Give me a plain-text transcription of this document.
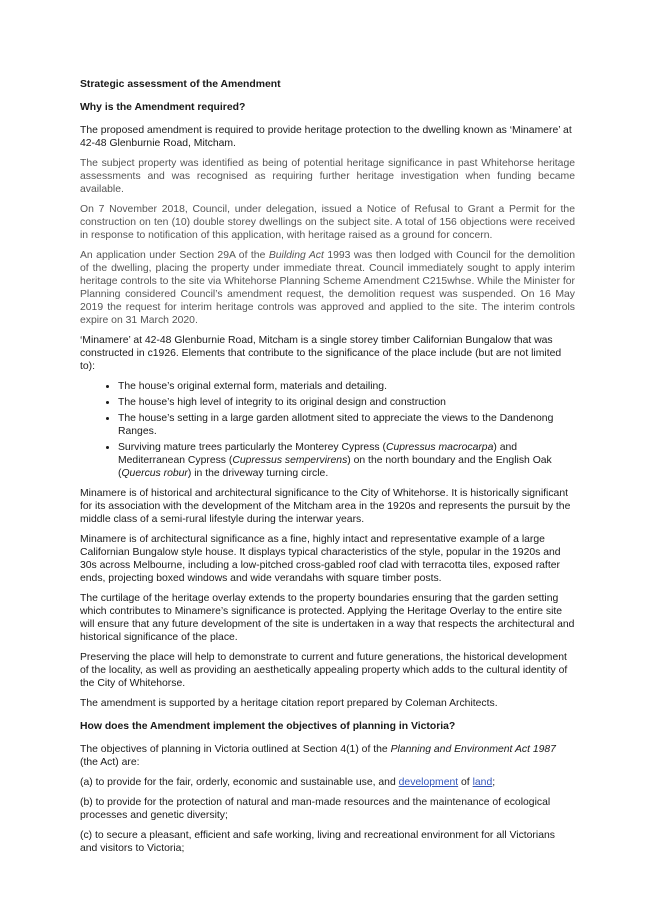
Strategic assessment of the Amendment
Why is the Amendment required?

The proposed amendment is required to provide heritage protection to the dwelling known as ‘Minamere’ at 42-48 Glenburnie Road, Mitcham.

The subject property was identified as being of potential heritage significance in past Whitehorse heritage assessments and was recognised as requiring further heritage investigation when funding became available.

On 7 November 2018, Council, under delegation, issued a Notice of Refusal to Grant a Permit for the construction on ten (10) double storey dwellings on the subject site. A total of 156 objections were received in response to notification of this application, with heritage raised as a ground for concern.

An application under Section 29A of the Building Act 1993 was then lodged with Council for the demolition of the dwelling, placing the property under immediate threat. Council immediately sought to apply interim heritage controls to the site via Whitehorse Planning Scheme Amendment C215whse. While the Minister for Planning considered Council’s amendment request, the demolition request was suspended. On 16 May 2019 the request for interim heritage controls was approved and applied to the site. The interim controls expire on 31 March 2020.

‘Minamere’ at 42-48 Glenburnie Road, Mitcham is a single storey timber Californian Bungalow that was constructed in c1926. Elements that contribute to the significance of the place include (but are not limited to):

• The house’s original external form, materials and detailing.
• The house’s high level of integrity to its original design and construction
• The house’s setting in a large garden allotment sited to appreciate the views to the Dandenong Ranges.
• Surviving mature trees particularly the Monterey Cypress (Cupressus macrocarpa) and Mediterranean Cypress (Cupressus sempervirens) on the north boundary and the English Oak (Quercus robur) in the driveway turning circle.

Minamere is of historical and architectural significance to the City of Whitehorse. It is historically significant for its association with the development of the Mitcham area in the 1920s and represents the pursuit by the middle class of a semi-rural lifestyle during the interwar years.

Minamere is of architectural significance as a fine, highly intact and representative example of a large Californian Bungalow style house. It displays typical characteristics of the style, popular in the 1920s and 30s across Melbourne, including a low-pitched cross-gabled roof clad with terracotta tiles, exposed rafter ends, projecting boxed windows and wide verandahs with square timber posts.

The curtilage of the heritage overlay extends to the property boundaries ensuring that the garden setting which contributes to Minamere’s significance is protected. Applying the Heritage Overlay to the entire site will ensure that any future development of the site is undertaken in a way that respects the architectural and historical significance of the place.

Preserving the place will help to demonstrate to current and future generations, the historical development of the locality, as well as providing an aesthetically appealing property which adds to the cultural identity of the City of Whitehorse.

The amendment is supported by a heritage citation report prepared by Coleman Architects.

How does the Amendment implement the objectives of planning in Victoria?

The objectives of planning in Victoria outlined at Section 4(1) of the Planning and Environment Act 1987 (the Act) are:

(a) to provide for the fair, orderly, economic and sustainable use, and development of land;

(b) to provide for the protection of natural and man-made resources and the maintenance of ecological processes and genetic diversity;

(c) to secure a pleasant, efficient and safe working, living and recreational environment for all Victorians and visitors to Victoria;
